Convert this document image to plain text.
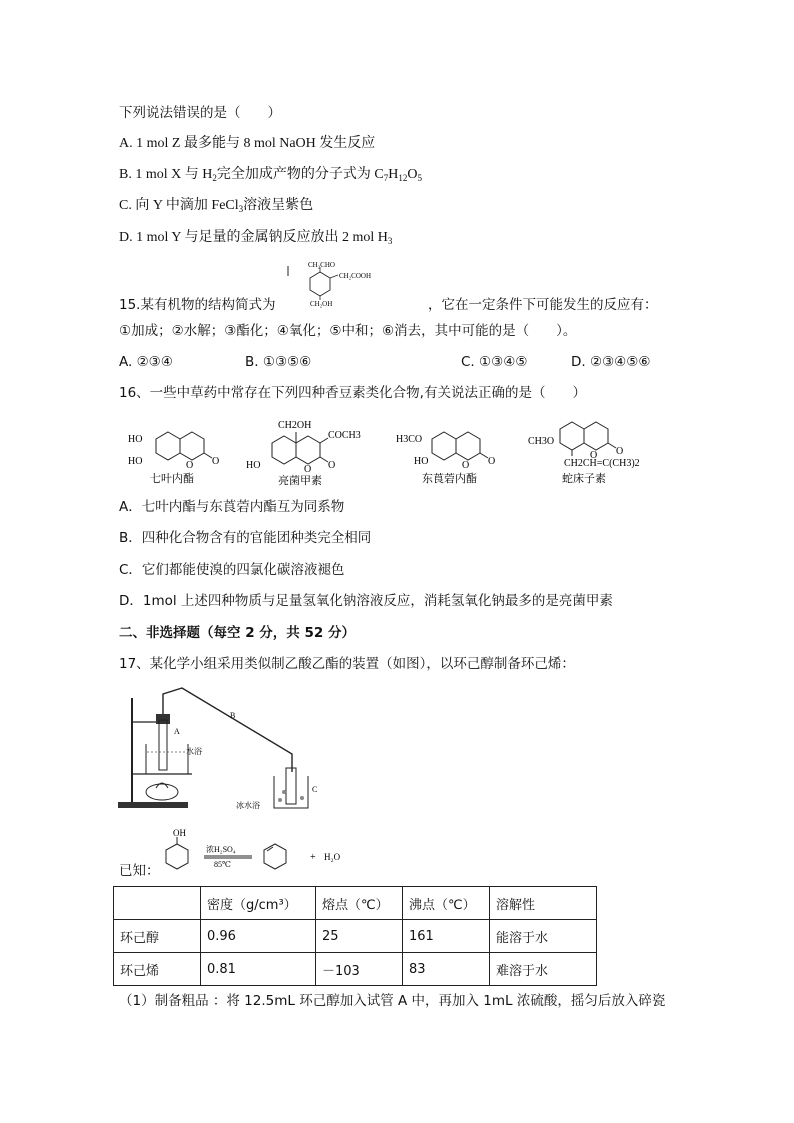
下列说法错误的是（　　）
A. 1 mol Z 最多能与 8 mol NaOH 发生反应
B. 1 mol X 与 $H_2$完全加成产物的分子式为 $C_7H_{12}O_5$
C. 向 Y 中滴加 FeCl$_3$溶液呈紫色
D. 1 mol Y 与足量的金属钠反应放出 2 mol $H_3$
CH₂CHO
CH₂COOH
CH₂OH
15.某有机物的结构简式为	，它在一定条件下可能发生的反应有：
①加成；②水解；③酯化；④氧化；⑤中和；⑥消去，其中可能的是（　　）。
A. ②③④	B. ①③⑤⑥	C. ①③④⑤	D. ②③④⑤⑥
16、一些中草药中常存在下列四种香豆素类化合物,有关说法正确的是（　　）
HO
HO	O O
七叶内酯
CH2OH
COCH3
HO	O O
亮菌甲素
H3CO
HO	O O
东莨菪内酯
CH3O
O O
CH2CH=C(CH3)2
蛇床子素
A．七叶内酯与东莨菪内酯互为同系物
B．四种化合物含有的官能团种类完全相同
C．它们都能使溴的四氯化碳溶液褪色
D．1mol 上述四种物质与足量氢氧化钠溶液反应，消耗氢氧化钠最多的是亮菌甲素
二、非选择题（每空 2 分，共 52 分）
17、某化学小组采用类似制乙酸乙酯的装置（如图），以环己醇制备环己烯：
A
水浴
B
C
冰水浴
已知：
OH
浓H₂SO₄
85℃
+ H₂O
	密度（g/cm³）	熔点（℃）	沸点（℃）	溶解性
环己醇	0.96	25	161	能溶于水
环己烯	0.81	－103	83	难溶于水
（1）制备粗品 ：将 12.5mL 环己醇加入试管 A 中，再加入 1mL 浓硫酸，摇匀后放入碎瓷
